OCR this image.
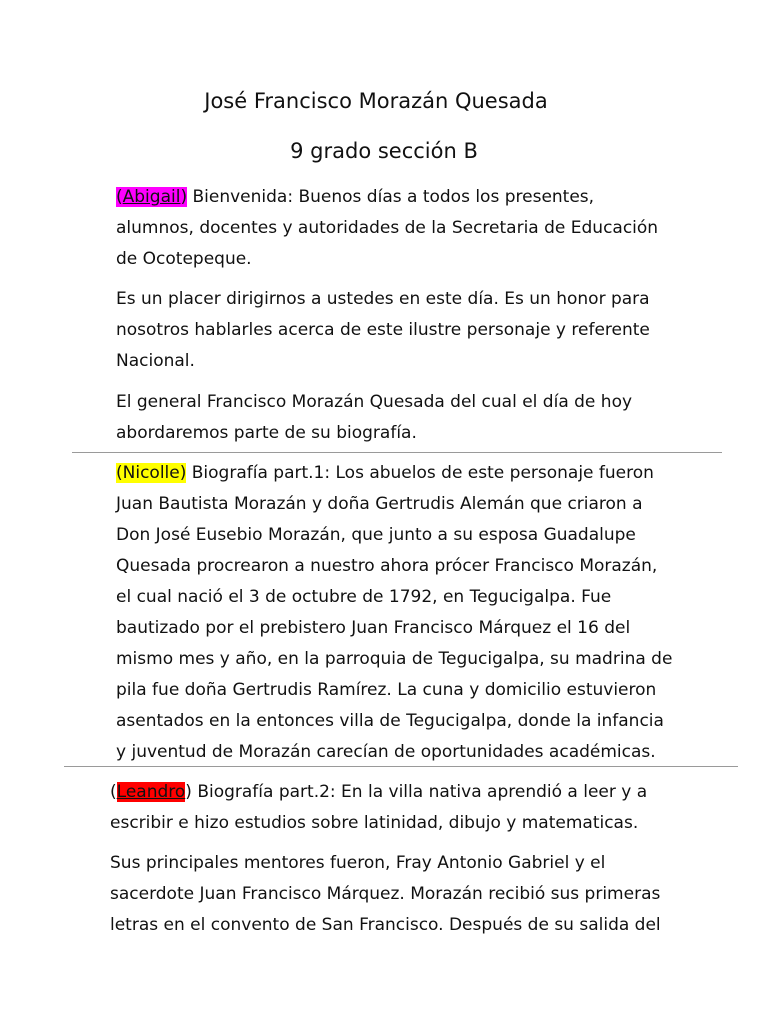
José Francisco Morazán Quesada
9 grado sección B
(Abigail) Bienvenida: Buenos días a todos los presentes,
alumnos, docentes y autoridades de la Secretaria de Educación
de Ocotepeque.
Es un placer dirigirnos a ustedes en este día. Es un honor para
nosotros hablarles acerca de este ilustre personaje y referente
Nacional.
El general Francisco Morazán Quesada del cual el día de hoy
abordaremos parte de su biografía.
(Nicolle) Biografía part.1: Los abuelos de este personaje fueron
Juan Bautista Morazán y doña Gertrudis Alemán que criaron a
Don José Eusebio Morazán, que junto a su esposa Guadalupe
Quesada procrearon a nuestro ahora prócer Francisco Morazán,
el cual nació el 3 de octubre de 1792, en Tegucigalpa. Fue
bautizado por el prebistero Juan Francisco Márquez el 16 del
mismo mes y año, en la parroquia de Tegucigalpa, su madrina de
pila fue doña Gertrudis Ramírez. La cuna y domicilio estuvieron
asentados en la entonces villa de Tegucigalpa, donde la infancia
y juventud de Morazán carecían de oportunidades académicas.
(Leandro) Biografía part.2: En la villa nativa aprendió a leer y a
escribir e hizo estudios sobre latinidad, dibujo y matematicas.
Sus principales mentores fueron, Fray Antonio Gabriel y el
sacerdote Juan Francisco Márquez. Morazán recibió sus primeras
letras en el convento de San Francisco. Después de su salida del
